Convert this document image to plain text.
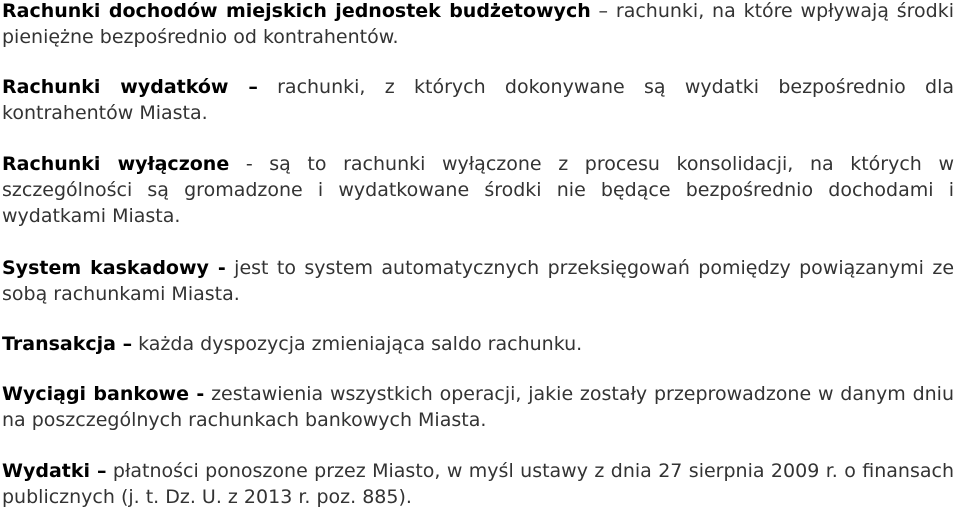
Rachunki dochodów miejskich jednostek budżetowych – rachunki, na które wpływają środki pieniężne bezpośrednio od kontrahentów.

Rachunki wydatków – rachunki, z których dokonywane są wydatki bezpośrednio dla kontrahentów Miasta.

Rachunki wyłączone - są to rachunki wyłączone z procesu konsolidacji, na których w szczególności są gromadzone i wydatkowane środki nie będące bezpośrednio dochodami i wydatkami Miasta.

System kaskadowy - jest to system automatycznych przeksięgowań pomiędzy powiązanymi ze sobą rachunkami Miasta.

Transakcja – każda dyspozycja zmieniająca saldo rachunku.

Wyciągi bankowe - zestawienia wszystkich operacji, jakie zostały przeprowadzone w danym dniu na poszczególnych rachunkach bankowych Miasta.

Wydatki – płatności ponoszone przez Miasto, w myśl ustawy z dnia 27 sierpnia 2009 r. o finansach publicznych (j. t. Dz. U. z 2013 r. poz. 885).
